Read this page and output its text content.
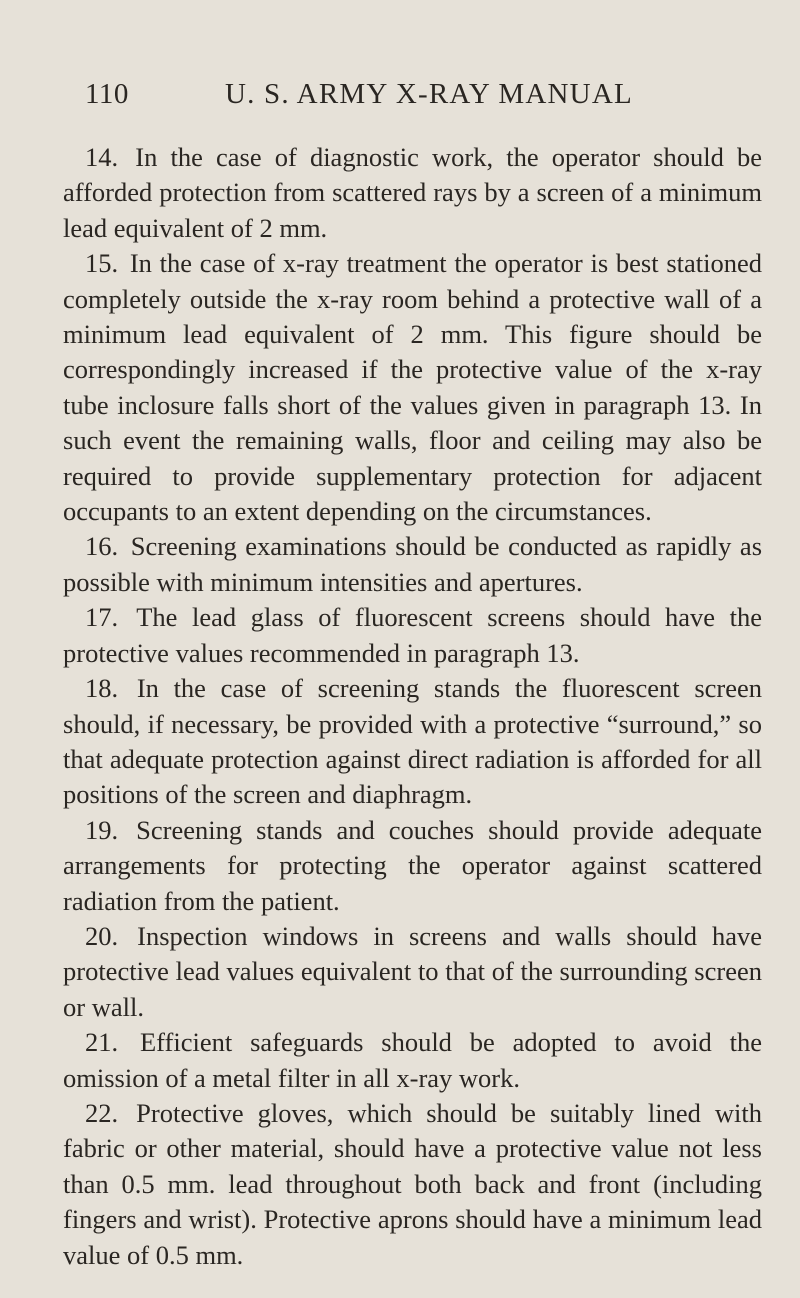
110	U. S. ARMY X-RAY MANUAL

14. In the case of diagnostic work, the operator should be afforded protection from scattered rays by a screen of a minimum lead equivalent of 2 mm.

15. In the case of x-ray treatment the operator is best stationed completely outside the x-ray room behind a protective wall of a minimum lead equivalent of 2 mm. This figure should be correspondingly increased if the protective value of the x-ray tube inclosure falls short of the values given in paragraph 13. In such event the remaining walls, floor and ceiling may also be required to provide supplementary protection for adjacent occupants to an extent depending on the circumstances.

16. Screening examinations should be conducted as rapidly as possible with minimum intensities and apertures.

17. The lead glass of fluorescent screens should have the protective values recommended in paragraph 13.

18. In the case of screening stands the fluorescent screen should, if necessary, be provided with a protective “surround,” so that adequate protection against direct radiation is afforded for all positions of the screen and diaphragm.

19. Screening stands and couches should provide adequate arrangements for protecting the operator against scattered radiation from the patient.

20. Inspection windows in screens and walls should have protective lead values equivalent to that of the surrounding screen or wall.

21. Efficient safeguards should be adopted to avoid the omission of a metal filter in all x-ray work.

22. Protective gloves, which should be suitably lined with fabric or other material, should have a protective value not less than 0.5 mm. lead throughout both back and front (including fingers and wrist). Protective aprons should have a minimum lead value of 0.5 mm.
